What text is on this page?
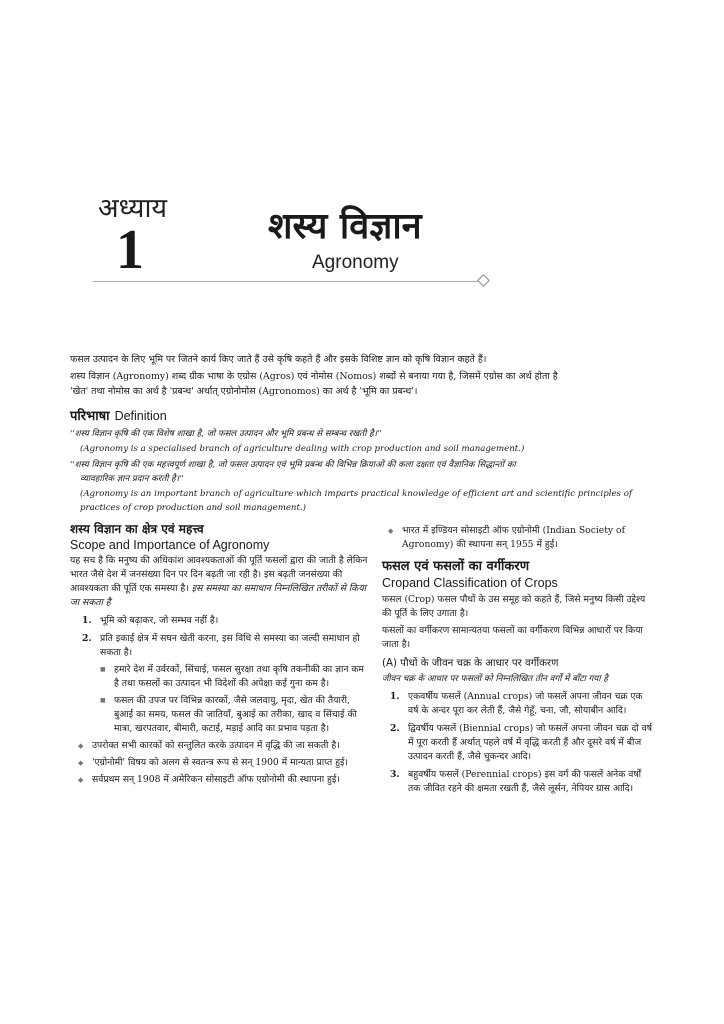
अध्याय
1	शस्य विज्ञान
Agronomy
फसल उत्पादन के लिए भूमि पर जितने कार्य किए जाते हैं उसे कृषि कहते हैं और इसके विशिष्ट ज्ञान को कृषि विज्ञान कहते हैं।
शस्य विज्ञान (Agronomy) शब्द ग्रीक भाषा के एग्रोस (Agros) एवं नोमोस (Nomos) शब्दों से बनाया गया है, जिसमें एग्रोस का अर्थ होता है
'खेत' तथा नोमोस का अर्थ है 'प्रबन्ध' अर्थात् एग्रोनोमोस (Agronomos) का अर्थ है 'भूमि का प्रबन्ध'।
परिभाषा Definition
''शस्य विज्ञान कृषि की एक विशेष शाखा है, जो फसल उत्पादन और भूमि प्रबन्ध से सम्बन्ध रखती है।''
(Agronomy is a specialised branch of agriculture dealing with crop production and soil management.)
''शस्य विज्ञान कृषि की एक महत्त्वपूर्ण शाखा है, जो फसल उत्पादन एवं भूमि प्रबन्ध की विभिन्न क्रियाओं की कला दक्षता एवं वैज्ञानिक सिद्धान्तों का
व्यावहारिक ज्ञान प्रदान करती है।''
(Agronomy is an important branch of agriculture which imparts practical knowledge of efficient art and scientific principles of
practices of crop production and soil management.)
शस्य विज्ञान का क्षेत्र एवं महत्त्व
Scope and Importance of Agronomy
यह सच है कि मनुष्य की अधिकांश आवश्यकताओं की पूर्ति फसलों द्वारा की जाती है लेकिन भारत जैसे देश में जनसंख्या दिन पर दिन बढ़ती जा रही है। इस बढ़ती जनसंख्या की आवश्यकता की पूर्ति एक समस्या है। इस समस्या का समाधान निम्नलिखित तरीकों से किया जा सकता है
1. भूमि को बढ़ाकर, जो सम्भव नहीं है।
2. प्रति इकाई क्षेत्र में सघन खेती करना, इस विधि से समस्या का जल्दी समाधान हो सकता है।
■ हमारे देश में उर्वरकों, सिंचाई, फसल सुरक्षा तथा कृषि तकनीकी का ज्ञान कम है तथा फसलों का उत्पादन भी विदेशों की अपेक्षा कई गुना कम है।
■ फसल की उपज पर विभिन्न कारकों, जैसे जलवायु, मृदा, खेत की तैयारी, बुआई का समय, फसल की जातियाँ, बुआई का तरीका, खाद व सिंचाई की मात्रा, खरपतवार, बीमारी, कटाई, मड़ाई आदि का प्रभाव पड़ता है।
◆ उपरोक्त सभी कारकों को सन्तुलित करके उत्पादन में वृद्धि की जा सकती है।
◆ 'एग्रोनोमी' विषय को अलग से स्वतन्त्र रूप से सन् 1900 में मान्यता प्राप्त हुई।
◆ सर्वप्रथम सन् 1908 में अमेरिकन सोसाइटी ऑफ एग्रोनोमी की स्थापना हुई।
◆ भारत में इण्डियन सोसाइटी ऑफ एग्रोनोमी (Indian Society of Agronomy) की स्थापना सन् 1955 में हुई।
फसल एवं फसलों का वर्गीकरण
Cropand Classification of Crops
फसल (Crop) फसल पौधों के उस समूह को कहते हैं, जिसे मनुष्य किसी उद्देश्य की पूर्ति के लिए उगाता है।
फसलों का वर्गीकरण सामान्यतया फसलों का वर्गीकरण विभिन्न आधारों पर किया जाता है।
(A) पौधों के जीवन चक्र के आधार पर वर्गीकरण
जीवन चक्र के आधार पर फसलों को निम्नलिखित तीन वर्गों में बाँटा गया है
1. एकवर्षीय फसलें (Annual crops) जो फसलें अपना जीवन चक्र एक वर्ष के अन्दर पूरा कर लेती हैं, जैसे गेहूँ, चना, जौ, सोयाबीन आदि।
2. द्विवर्षीय फसलें (Biennial crops) जो फसलें अपना जीवन चक्र दो वर्ष में पूरा करती हैं अर्थात् पहले वर्ष में वृद्धि करती हैं और दूसरे वर्ष में बीज उत्पादन करती हैं, जैसे चुकन्दर आदि।
3. बहुवर्षीय फसलें (Perennial crops) इस वर्ग की फसलें अनेक वर्षों तक जीवित रहने की क्षमता रखती हैं, जैसे लूर्सन, नेपियर ग्रास आदि।
